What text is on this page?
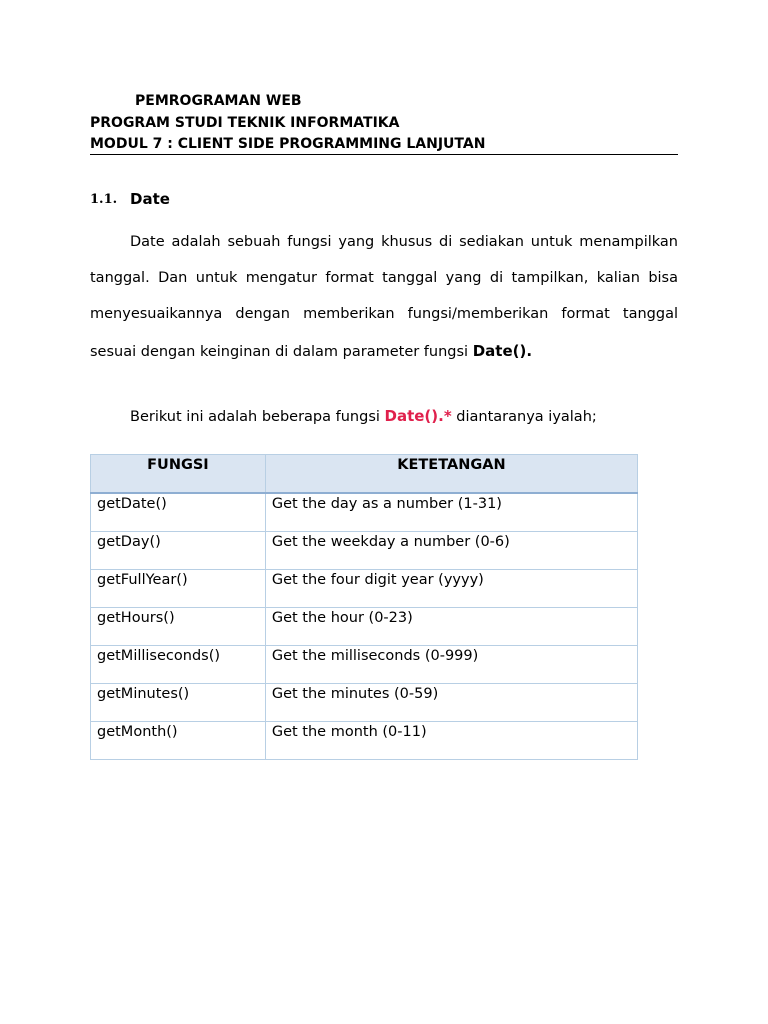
PEMROGRAMAN WEB
PROGRAM STUDI TEKNIK INFORMATIKA
MODUL 7 : CLIENT SIDE PROGRAMMING LANJUTAN
1.1. Date

Date adalah sebuah fungsi yang khusus di sediakan untuk menampilkan tanggal. Dan untuk mengatur format tanggal yang di tampilkan, kalian bisa menyesuaikannya dengan memberikan fungsi/memberikan format tanggal sesuai dengan keinginan di dalam parameter fungsi Date().

Berikut ini adalah beberapa fungsi Date().* diantaranya iyalah;

FUNGSI	KETETANGAN
getDate()	Get the day as a number (1-31)
getDay()	Get the weekday a number (0-6)
getFullYear()	Get the four digit year (yyyy)
getHours()	Get the hour (0-23)
getMilliseconds()	Get the milliseconds (0-999)
getMinutes()	Get the minutes (0-59)
getMonth()	Get the month (0-11)
